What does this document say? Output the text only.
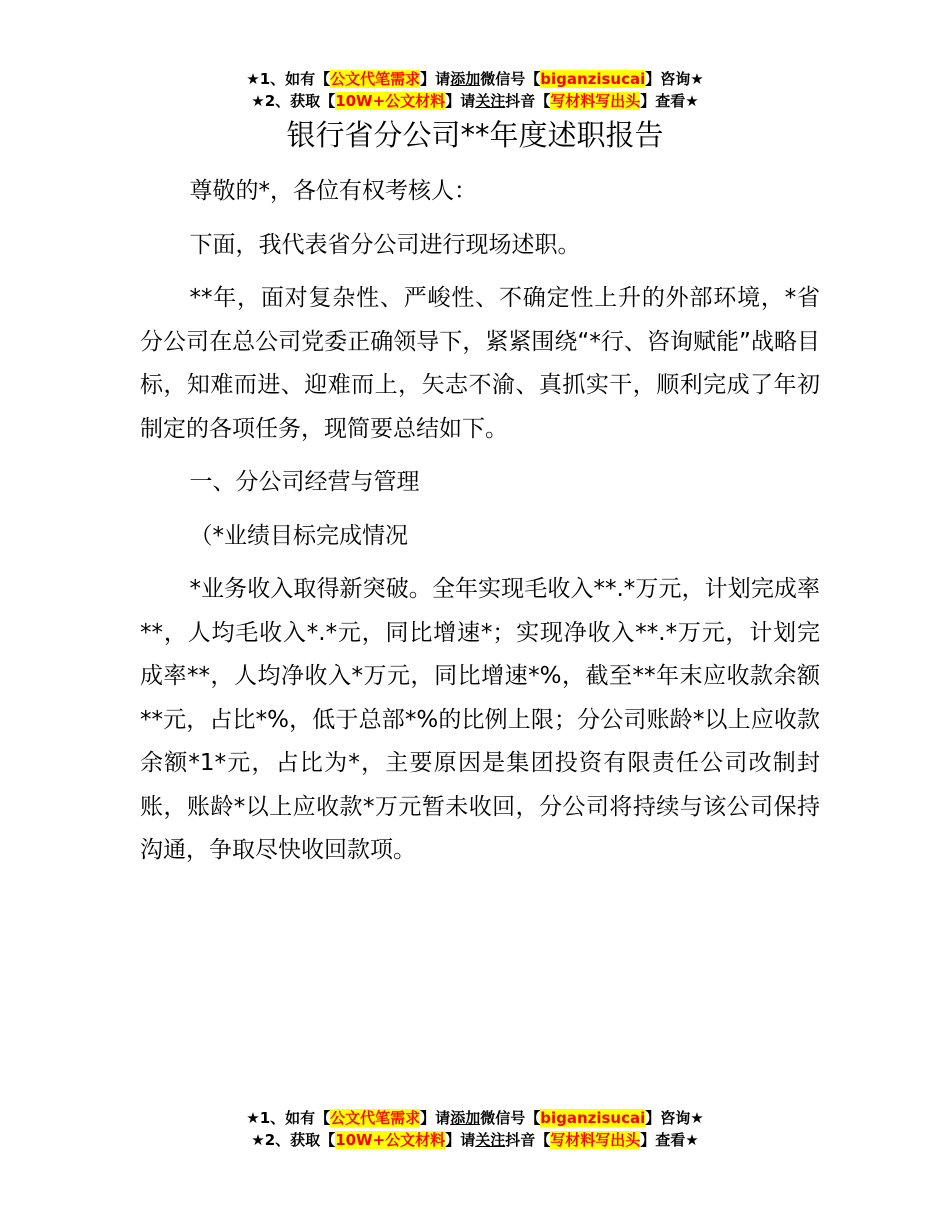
★1、如有【公文代笔需求】请添加微信号【biganzisucai】咨询★
★2、获取【10W+公文材料】请关注抖音【写材料写出头】查看★
银行省分公司**年度述职报告

尊敬的*，各位有权考核人：

下面，我代表省分公司进行现场述职。

**年，面对复杂性、严峻性、不确定性上升的外部环境，*省分公司在总公司党委正确领导下，紧紧围绕“*行、咨询赋能”战略目标，知难而进、迎难而上，矢志不渝、真抓实干，顺利完成了年初制定的各项任务，现简要总结如下。

一、分公司经营与管理

（*业绩目标完成情况

*业务收入取得新突破。全年实现毛收入**.*万元，计划完成率**，人均毛收入*.*元，同比增速*；实现净收入**.*万元，计划完成率**，人均净收入*万元，同比增速*%，截至**年末应收款余额**元，占比*%，低于总部*%的比例上限；分公司账龄*以上应收款余额*1*元，占比为*，主要原因是集团投资有限责任公司改制封账，账龄*以上应收款*万元暂未收回，分公司将持续与该公司保持沟通，争取尽快收回款项。

★1、如有【公文代笔需求】请添加微信号【biganzisucai】咨询★
★2、获取【10W+公文材料】请关注抖音【写材料写出头】查看★
